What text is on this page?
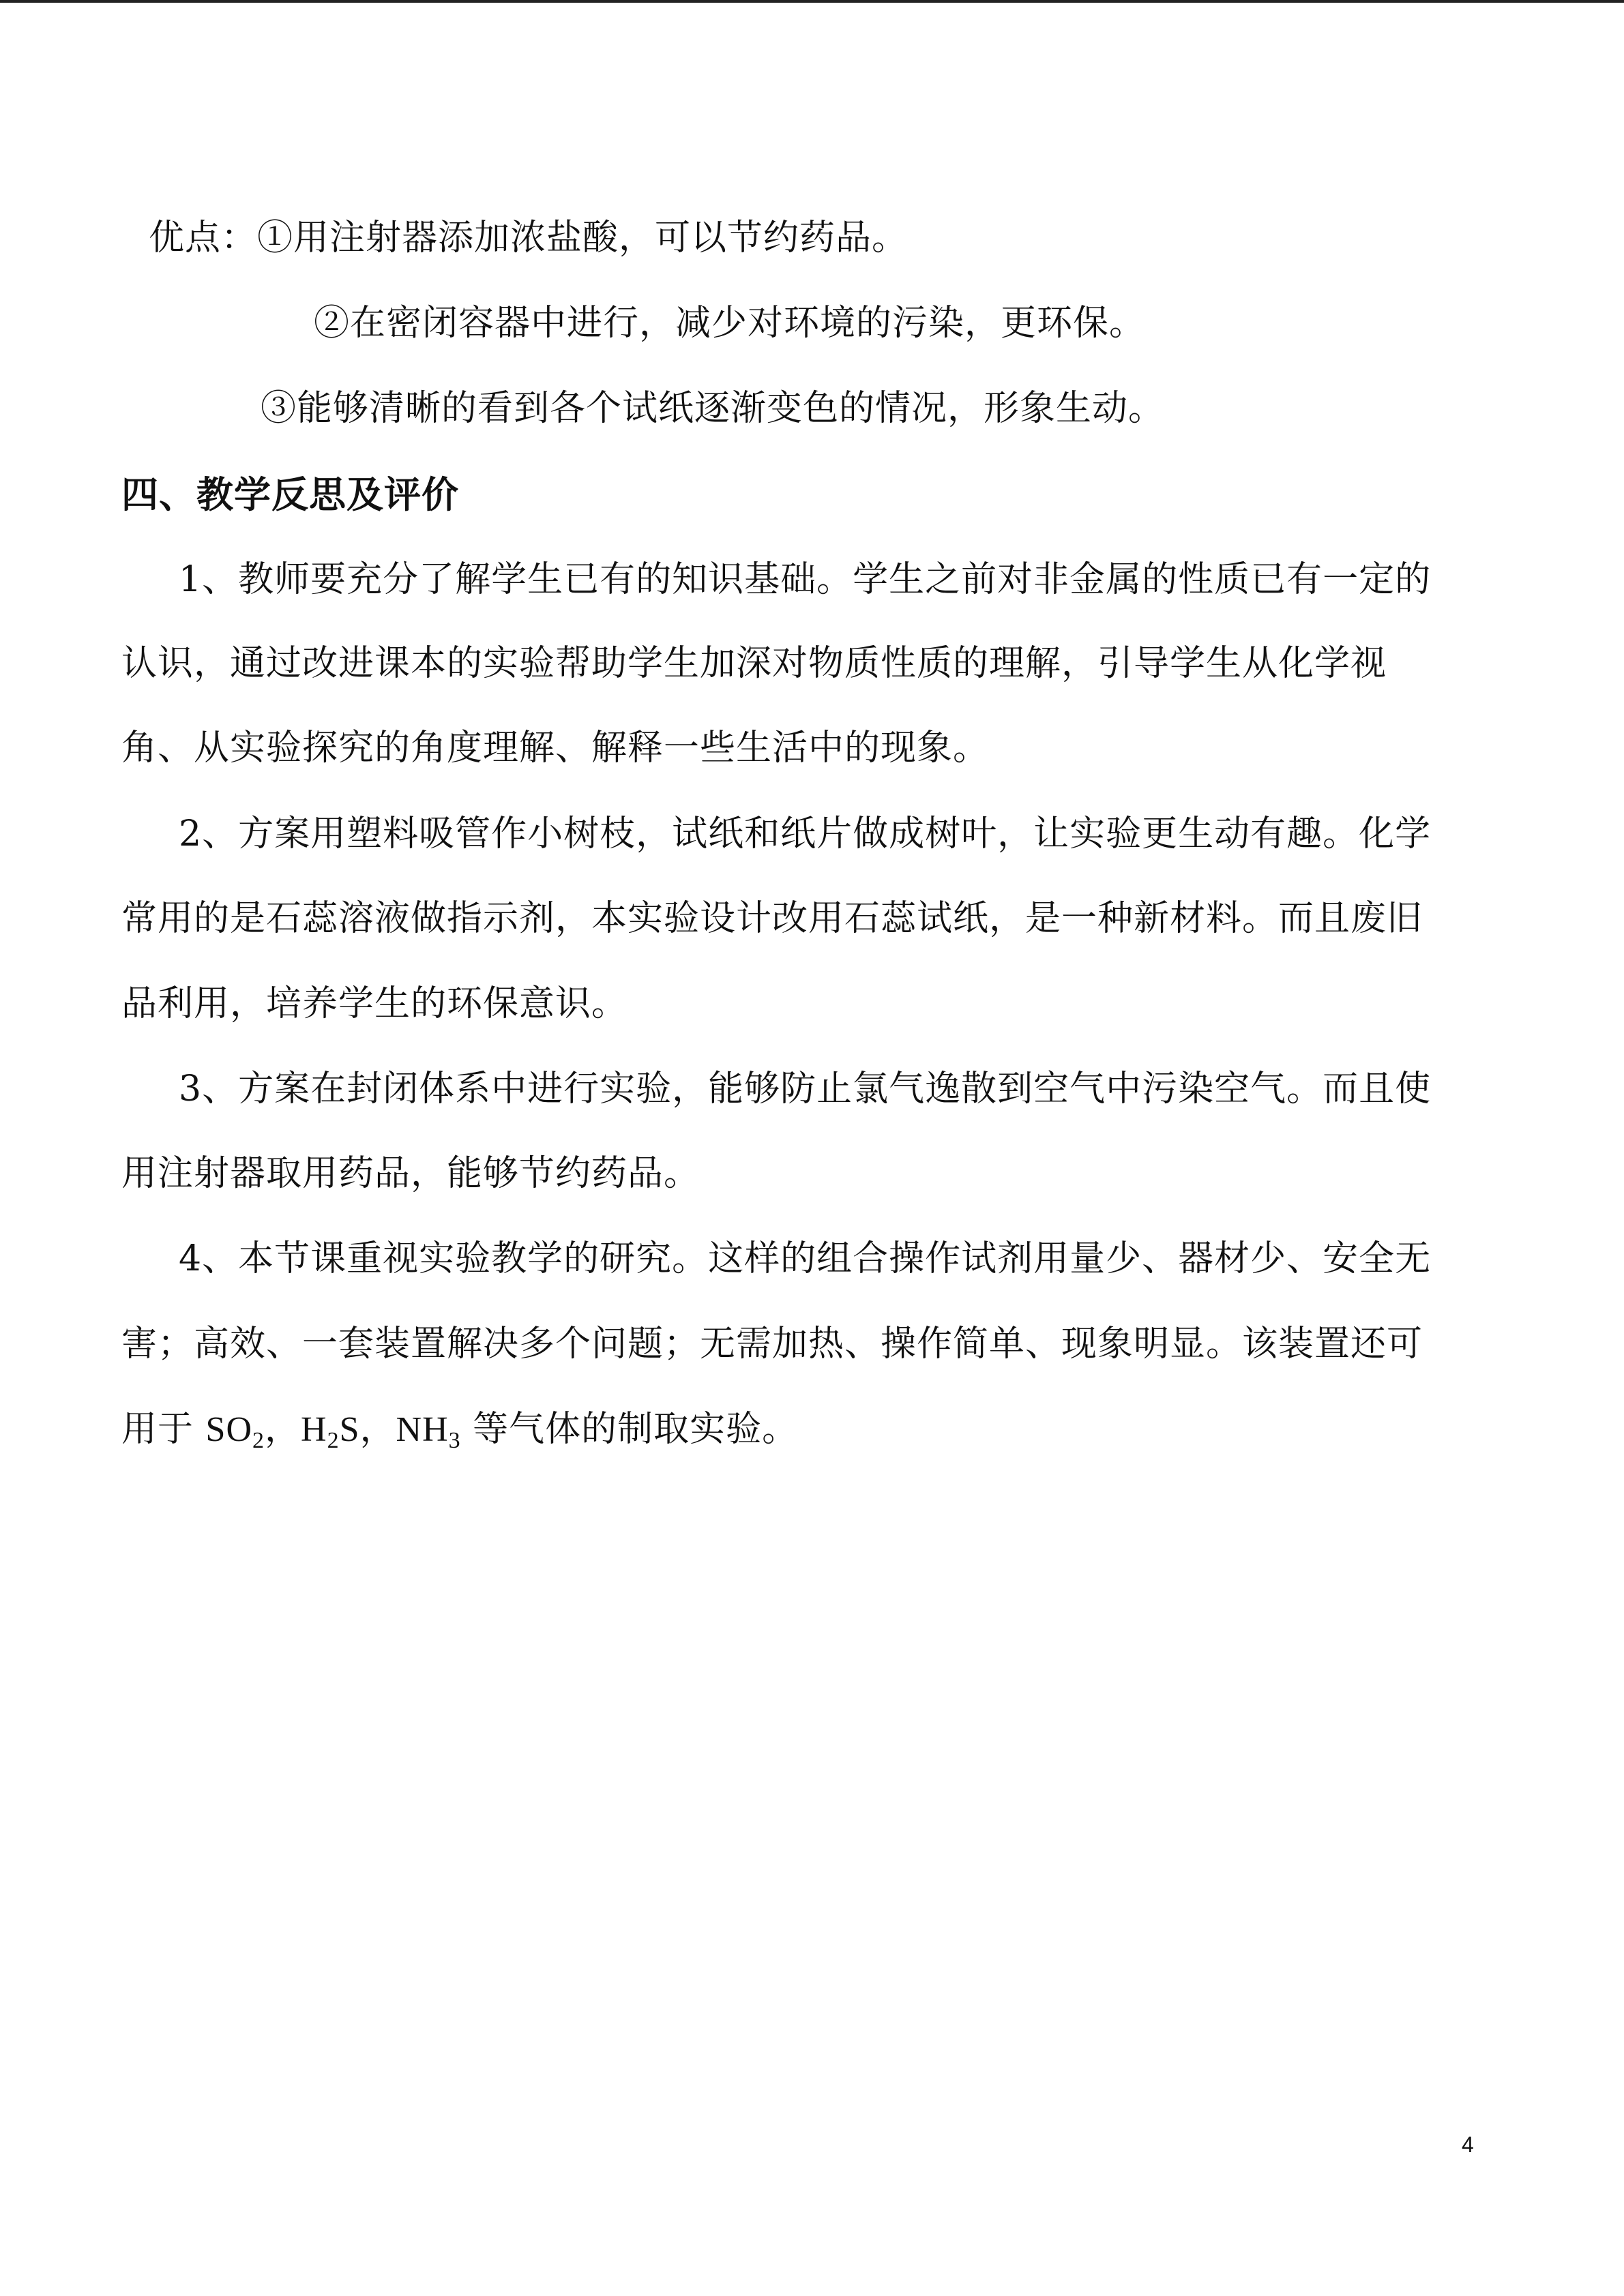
优点：①用注射器添加浓盐酸，可以节约药品。
②在密闭容器中进行，减少对环境的污染，更环保。
③能够清晰的看到各个试纸逐渐变色的情况，形象生动。
四、教学反思及评价
1、教师要充分了解学生已有的知识基础。学生之前对非金属的性质已有一定的
认识，通过改进课本的实验帮助学生加深对物质性质的理解，引导学生从化学视
角、从实验探究的角度理解、解释一些生活中的现象。
2、方案用塑料吸管作小树枝，试纸和纸片做成树叶，让实验更生动有趣。化学
常用的是石蕊溶液做指示剂，本实验设计改用石蕊试纸，是一种新材料。而且废旧
品利用，培养学生的环保意识。
3、方案在封闭体系中进行实验，能够防止氯气逸散到空气中污染空气。而且使
用注射器取用药品，能够节约药品。
4、本节课重视实验教学的研究。这样的组合操作试剂用量少、器材少、安全无
害；高效、一套装置解决多个问题；无需加热、操作简单、现象明显。该装置还可
用于 $SO_2$，$H_2S$，$NH_3$ 等气体的制取实验。
4
